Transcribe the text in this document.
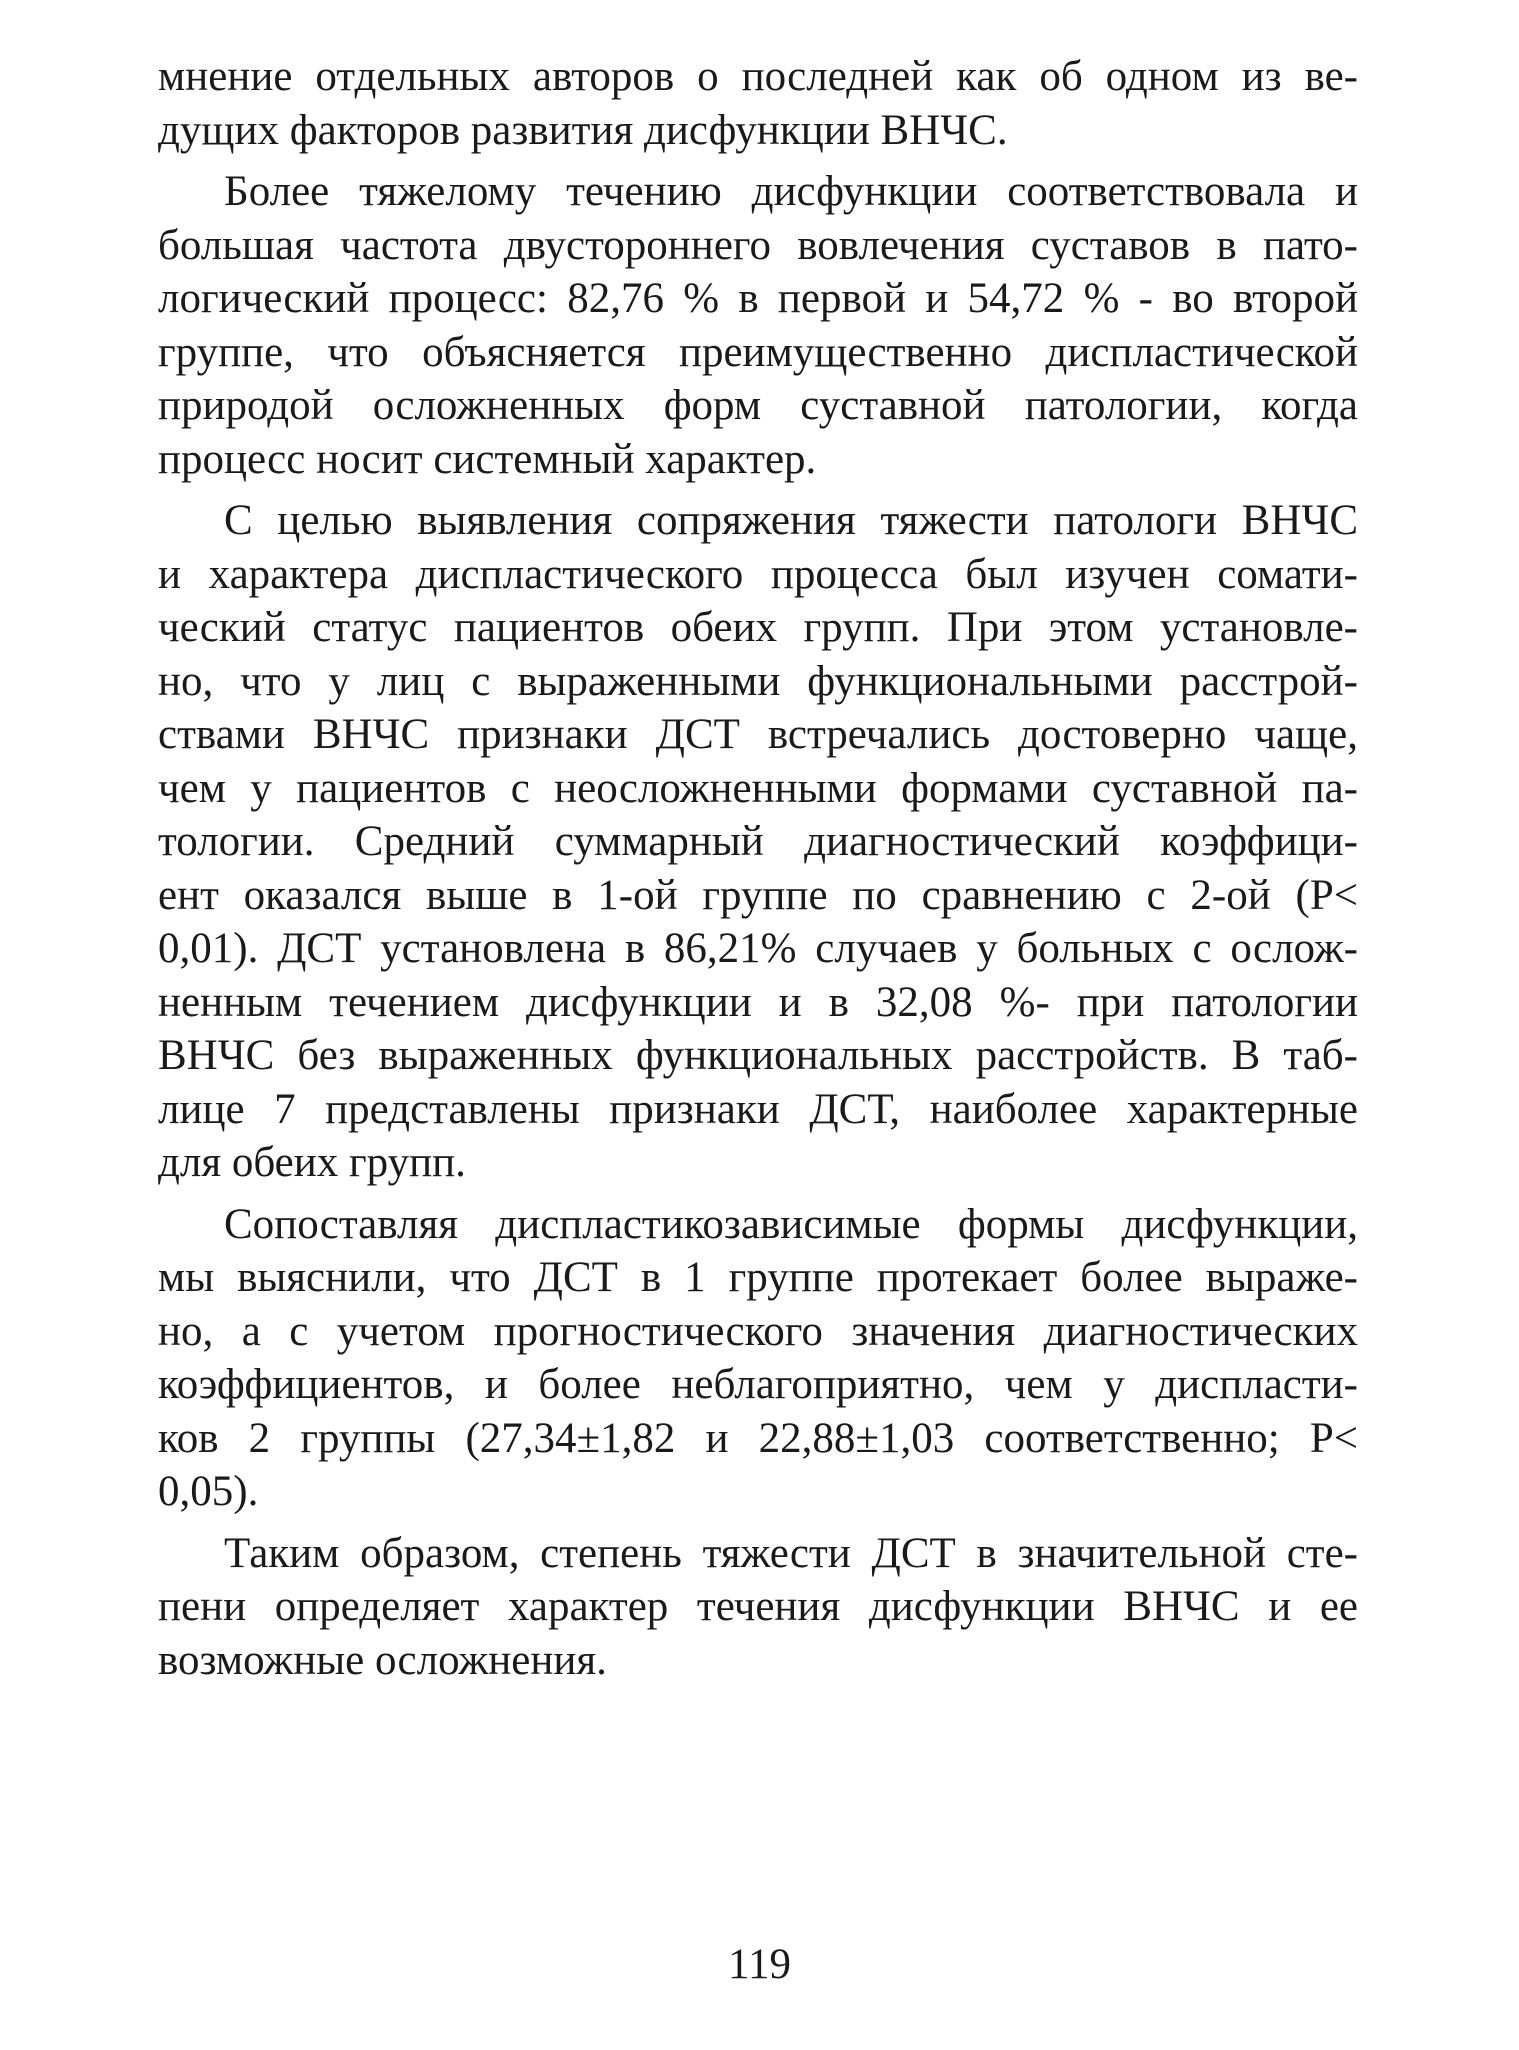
мнение отдельных авторов о последней как об одном из ве-
дущих факторов развития дисфункции ВНЧС.
Более тяжелому течению дисфункции соответствовала и
большая частота двустороннего вовлечения суставов в пато-
логический процесс: 82,76 % в первой и 54,72 % - во второй
группе, что объясняется преимущественно диспластической
природой осложненных форм суставной патологии, когда
процесс носит системный характер.
С целью выявления сопряжения тяжести патологи ВНЧС
и характера диспластического процесса был изучен сомати-
ческий статус пациентов обеих групп. При этом установле-
но, что у лиц с выраженными функциональными расстрой-
ствами ВНЧС признаки ДСТ встречались достоверно чаще,
чем у пациентов с неосложненными формами суставной па-
тологии. Средний суммарный диагностический коэффици-
ент оказался выше в 1-ой группе по сравнению с 2-ой (Р<
0,01). ДСТ установлена в 86,21% случаев у больных с ослож-
ненным течением дисфункции и в 32,08 %- при патологии
ВНЧС без выраженных функциональных расстройств. В таб-
лице 7 представлены признаки ДСТ, наиболее характерные
для обеих групп.
Сопоставляя диспластикозависимые формы дисфункции,
мы выяснили, что ДСТ в 1 группе протекает более выраже-
но, а с учетом прогностического значения диагностических
коэффициентов, и более неблагоприятно, чем у диспласти-
ков 2 группы (27,34±1,82 и 22,88±1,03 соответственно; Р<
0,05).
Таким образом, степень тяжести ДСТ в значительной сте-
пени определяет характер течения дисфункции ВНЧС и ее
возможные осложнения.
119
